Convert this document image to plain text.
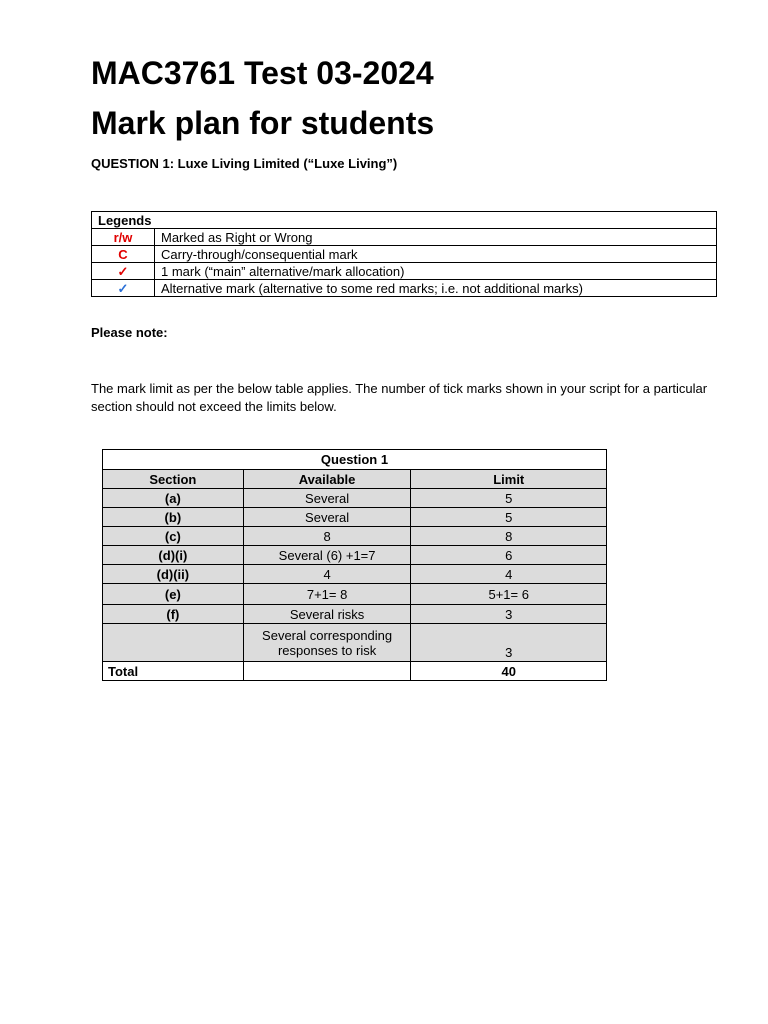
MAC3761 Test 03-2024
Mark plan for students

QUESTION 1: Luxe Living Limited (“Luxe Living”)

Legends	
r/w	Marked as Right or Wrong
C	Carry-through/consequential mark
✓	1 mark (“main” alternative/mark allocation)
✓	Alternative mark (alternative to some red marks; i.e. not additional marks)

Please note:

The mark limit as per the below table applies. The number of tick marks shown in your script for a particular section should not exceed the limits below.

Question 1		
Section	Available	Limit
(a)	Several	5
(b)	Several	5
(c)	8	8
(d)(i)	Several (6) +1=7	6
(d)(ii)	4	4
(e)	7+1= 8	5+1= 6
(f)	Several risks	3
	Several corresponding responses to risk	3
Total		40
